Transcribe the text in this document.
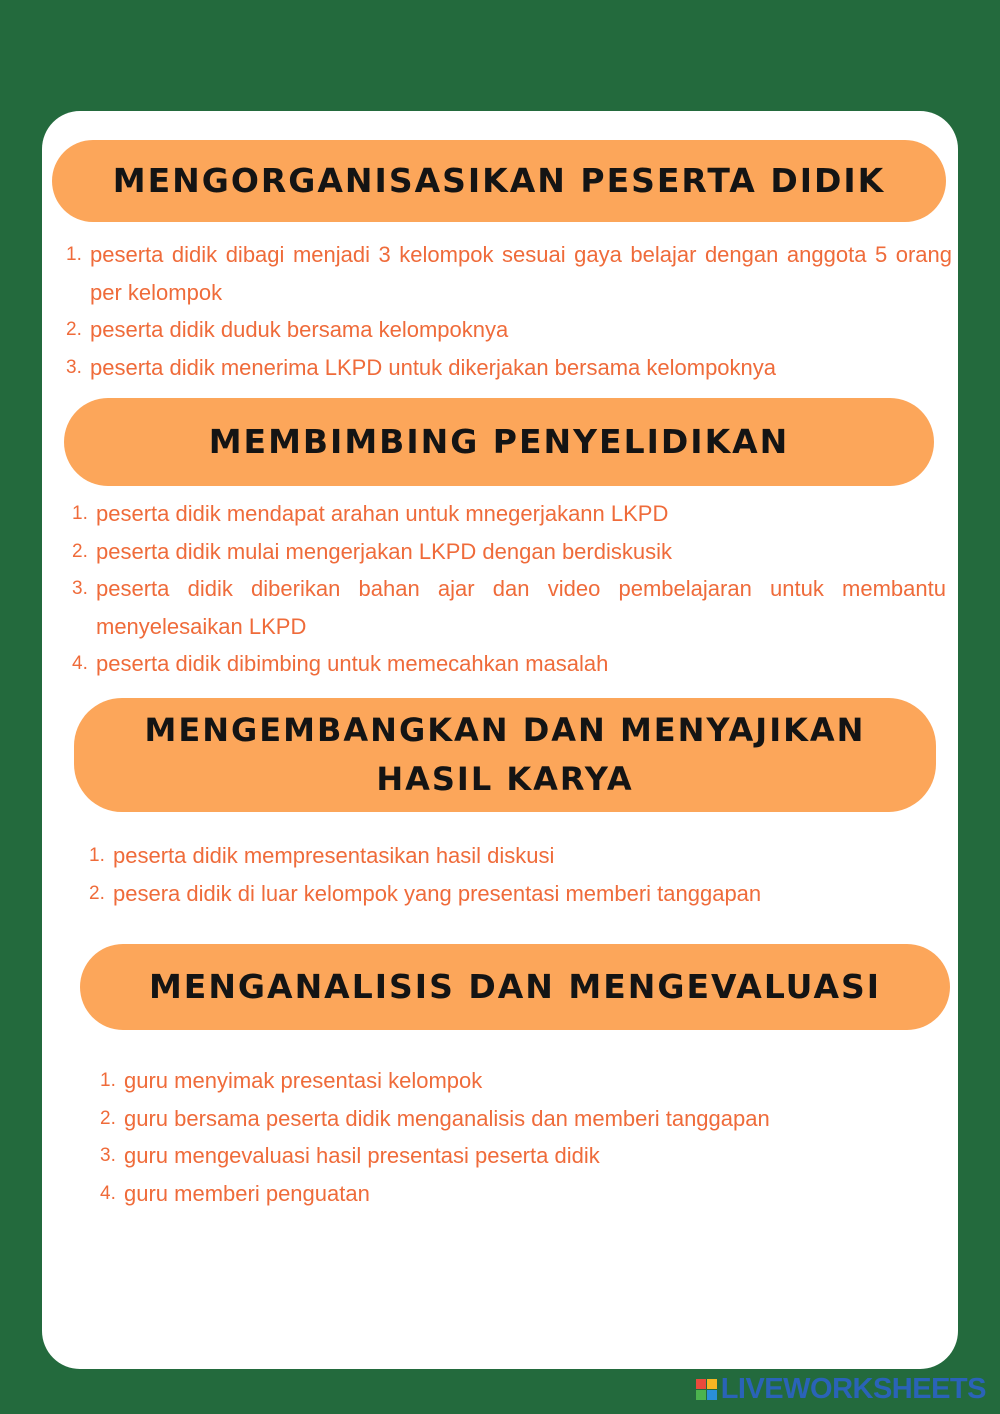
MENGORGANISASIKAN PESERTA DIDIK
1. peserta didik dibagi menjadi 3 kelompok sesuai gaya belajar dengan anggota 5 orang per kelompok
2. peserta didik duduk bersama kelompoknya
3. peserta didik menerima LKPD untuk dikerjakan bersama kelompoknya
MEMBIMBING PENYELIDIKAN
1. peserta didik mendapat arahan untuk mnegerjakann LKPD
2. peserta didik mulai mengerjakan LKPD dengan berdiskusik
3. peserta didik diberikan bahan ajar dan video pembelajaran untuk membantu menyelesaikan LKPD
4. peserta didik dibimbing untuk memecahkan masalah
MENGEMBANGKAN DAN MENYAJIKAN
HASIL KARYA
1. peserta didik mempresentasikan hasil diskusi
2. pesera didik di luar kelompok yang presentasi memberi tanggapan
MENGANALISIS DAN MENGEVALUASI
1. guru menyimak presentasi kelompok
2. guru bersama peserta didik menganalisis dan memberi tanggapan
3. guru mengevaluasi hasil presentasi peserta didik
4. guru memberi penguatan
LIVEWORKSHEETS
